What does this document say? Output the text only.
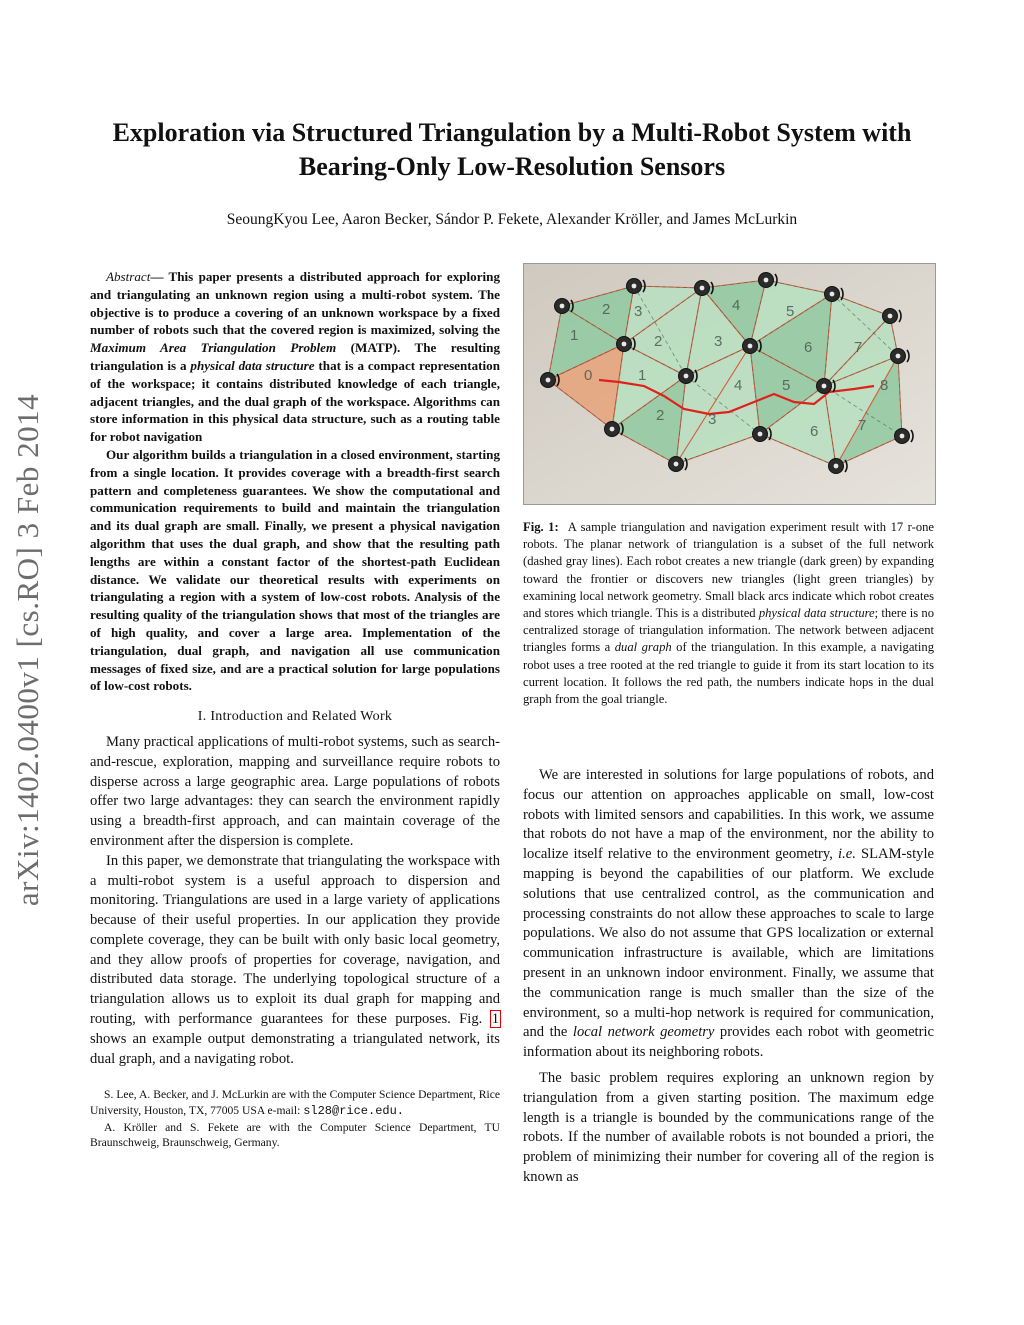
Exploration via Structured Triangulation by a Multi-Robot System with
Bearing-Only Low-Resolution Sensors
SeoungKyou Lee, Aaron Becker, Sándor P. Fekete, Alexander Kröller, and James McLurkin
arXiv:1402.0400v1 [cs.RO] 3 Feb 2014

Abstract— This paper presents a distributed approach for exploring and triangulating an unknown region using a multi-robot system. The objective is to produce a covering of an unknown workspace by a fixed number of robots such that the covered region is maximized, solving the Maximum Area Triangulation Problem (MATP). The resulting triangulation is a physical data structure that is a compact representation of the workspace; it contains distributed knowledge of each triangle, adjacent triangles, and the dual graph of the workspace. Algorithms can store information in this physical data structure, such as a routing table for robot navigation

Our algorithm builds a triangulation in a closed environment, starting from a single location. It provides coverage with a breadth-first search pattern and completeness guarantees. We show the computational and communication requirements to build and maintain the triangulation and its dual graph are small. Finally, we present a physical navigation algorithm that uses the dual graph, and show that the resulting path lengths are within a constant factor of the shortest-path Euclidean distance. We validate our theoretical results with experiments on triangulating a region with a system of low-cost robots. Analysis of the resulting quality of the triangulation shows that most of the triangles are of high quality, and cover a large area. Implementation of the triangulation, dual graph, and navigation all use communication messages of fixed size, and are a practical solution for large populations of low-cost robots.

I. Introduction and Related Work

Many practical applications of multi-robot systems, such as search-and-rescue, exploration, mapping and surveillance require robots to disperse across a large geographic area. Large populations of robots offer two large advantages: they can search the environment rapidly using a breadth-first approach, and can maintain coverage of the environment after the dispersion is complete.

In this paper, we demonstrate that triangulating the workspace with a multi-robot system is a useful approach to dispersion and monitoring. Triangulations are used in a large variety of applications because of their useful properties. In our application they provide complete coverage, they can be built with only basic local geometry, and they allow proofs of properties for coverage, navigation, and distributed data storage. The underlying topological structure of a triangulation allows us to exploit its dual graph for mapping and routing, with performance guarantees for these purposes. Fig. 1 shows an example output demonstrating a triangulated network, its dual graph, and a navigating robot.

S. Lee, A. Becker, and J. McLurkin are with the Computer Science Department, Rice University, Houston, TX, 77005 USA e-mail: sl28@rice.edu.

A. Kröller and S. Fekete are with the Computer Science Department, TU Braunschweig, Braunschweig, Germany.

2 3	4	5
1	2	3	6	7
0	1
4	5	8
2	3
6	7
Fig. 1: A sample triangulation and navigation experiment result with 17 r-one robots. The planar network of triangulation is a subset of the full network (dashed gray lines). Each robot creates a new triangle (dark green) by expanding toward the frontier or discovers new triangles (light green triangles) by examining local network geometry. Small black arcs indicate which robot creates and stores which triangle. This is a distributed physical data structure; there is no centralized storage of triangulation information. The network between adjacent triangles forms a dual graph of the triangulation. In this example, a navigating robot uses a tree rooted at the red triangle to guide it from its start location to its current location. It follows the red path, the numbers indicate hops in the dual graph from the goal triangle.

We are interested in solutions for large populations of robots, and focus our attention on approaches applicable on small, low-cost robots with limited sensors and capabilities. In this work, we assume that robots do not have a map of the environment, nor the ability to localize itself relative to the environment geometry, i.e. SLAM-style mapping is beyond the capabilities of our platform. We exclude solutions that use centralized control, as the communication and processing constraints do not allow these approaches to scale to large populations. We also do not assume that GPS localization or external communication infrastructure is available, which are limitations present in an unknown indoor environment. Finally, we assume that the communication range is much smaller than the size of the environment, so a multi-hop network is required for communication, and the local network geometry provides each robot with geometric information about its neighboring robots.

The basic problem requires exploring an unknown region by triangulation from a given starting position. The maximum edge length is a triangle is bounded by the communications range of the robots. If the number of available robots is not bounded a priori, the problem of minimizing their number for covering all of the region is known as
